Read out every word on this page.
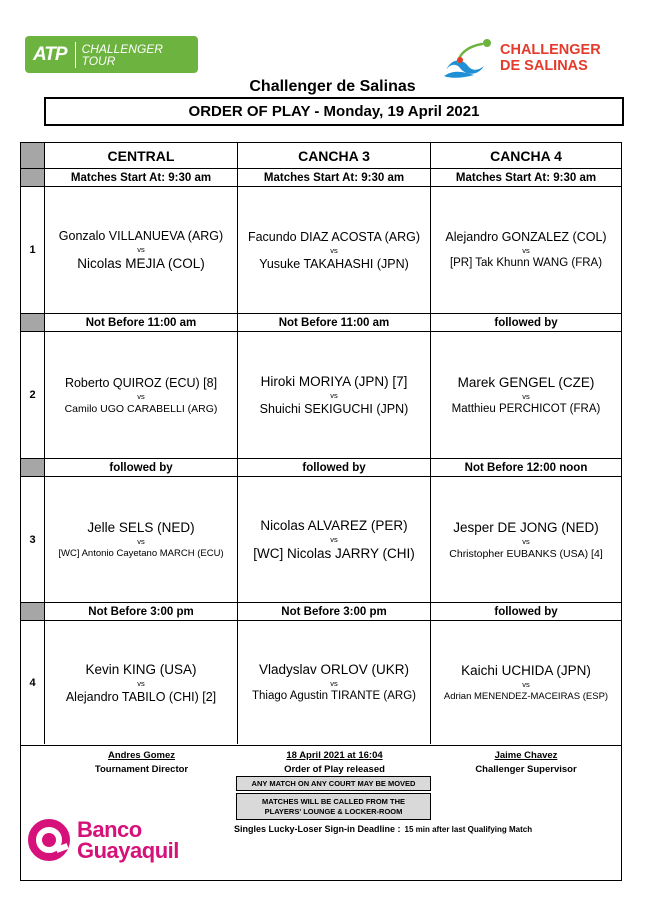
ATP CHALLENGER
TOUR
CHALLENGER
DE SALINAS
Challenger de Salinas
ORDER OF PLAY - Monday, 19 April 2021
CENTRAL	CANCHA 3	CANCHA 4
Matches Start At: 9:30 am	Matches Start At: 9:30 am	Matches Start At: 9:30 am
1
Gonzalo VILLANUEVA (ARG)
vs
Nicolas MEJIA (COL)
Facundo DIAZ ACOSTA (ARG)
vs
Yusuke TAKAHASHI (JPN)
Alejandro GONZALEZ (COL)
vs
[PR] Tak Khunn WANG (FRA)
Not Before 11:00 am	Not Before 11:00 am	followed by
2
Roberto QUIROZ (ECU) [8]
vs
Camilo UGO CARABELLI (ARG)
Hiroki MORIYA (JPN) [7]
vs
Shuichi SEKIGUCHI (JPN)
Marek GENGEL (CZE)
vs
Matthieu PERCHICOT (FRA)
followed by	followed by	Not Before 12:00 noon
3
Jelle SELS (NED)
vs
[WC] Antonio Cayetano MARCH (ECU)
Nicolas ALVAREZ (PER)
vs
[WC] Nicolas JARRY (CHI)
Jesper DE JONG (NED)
vs
Christopher EUBANKS (USA) [4]
Not Before 3:00 pm	Not Before 3:00 pm	followed by
4
Kevin KING (USA)
vs
Alejandro TABILO (CHI) [2]
Vladyslav ORLOV (UKR)
vs
Thiago Agustin TIRANTE (ARG)
Kaichi UCHIDA (JPN)
vs
Adrian MENENDEZ-MACEIRAS (ESP)
Andres Gomez
Tournament Director
18 April 2021 at 16:04
Order of Play released
Jaime Chavez
Challenger Supervisor
ANY MATCH ON ANY COURT MAY BE MOVED
MATCHES WILL BE CALLED FROM THE
PLAYERS' LOUNGE & LOCKER-ROOM
Singles Lucky-Loser Sign-in Deadline : 15 min after last Qualifying Match
Banco
Guayaquil
